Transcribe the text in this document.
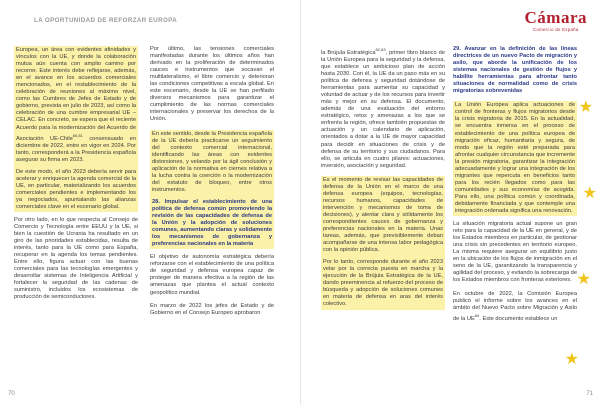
LA OPORTUNIDAD DE REFORZAR EUROPA

Europea, un área con evidentes afinidades y vínculos con la UE, y donde la colaboración mutua aún cuenta con amplio camino por recorrer. Este interés debe reflejarse, además, en el avance en los acuerdos comerciales mencionados, en el restablecimiento de la celebración de reuniones al máximo nivel, como las Cumbres de Jefes de Estado y de gobierno, prevista en julio de 2023, así como la celebración de una cumbre empresarial UE – CELAC. En concreto, se espera que el reciente Acuerdo para la modernización del Acuerdo de Asociación UE-Chile$^{80,81}$ consensuado en diciembre de 2022, entre en vigor en 2024. Por tanto, corresponderá a la Presidencia española asegurar su firma en 2023.

De este modo, el año 2023 debería servir para acelerar y enriquecer la agenda comercial de la UE, en particular, materializando los acuerdos comerciales pendientes e implementando los ya negociados, apuntalando las alianzas comerciales clave en el escenario global.

Por otro lado, en lo que respecta al Consejo de Comercio y Tecnología entre EEUU y la UE, si bien la cuestión de Ucrania ha resultado en un giro de las prioridades establecidas, resulta de interés, tanto para la UE como para España, recuperar en la agenda los temas pendientes. Entre ello, figura actuar con las buenas comerciales para las tecnologías emergentes y desarrollar sistemas de Inteligencia Artificial y fortalecer la seguridad de las cadenas de suministro, incluidos los ecosistemas de producción de semiconductores.

Por último, las tensiones comerciales manifestadas durante los últimos años han derivado en la proliferación de determinados cauces e instrumentos que socavan el multilateralismo, el libre comercio y deterioran las condiciones competitivas a escala global. En este escenario, desde la UE se han perfilado diversos mecanismos para garantizar el cumplimiento de las normas comerciales internacionales y preservar los derechos de la Unión.

En este sentido, desde la Presidencia española de la UE debería practicarse un seguimiento del contexto comercial internacional, identificando las áreas con evidentes distorsiones, y velando por la ágil conclusión y aplicación de la normativa en ciernes relativa a la lucha contra la coerción o la modernización del estatuto de bloqueo, entre otros instrumentos.

28. Impulsar el establecimiento de una política de defensa común promoviendo la revisión de las capacidades de defensa de la Unión y la adopción de soluciones comunes, aumentando claras y solidamente los mecanismos de gobernanza y preferencias nacionales en la materia

El objetivo de autonomía estratégica debería reforzarse con el establecimiento de una política de seguridad y defensa europea capaz de proteger de manera efectiva a la región de las amenazas que plantea el actual contexto geopolítico mundial.

En marzo de 2022 los jefes de Estado y de Gobierno en el Consejo Europeo aprobaron

70
Cámara
Comercio de España

la Brújula Estratégica$^{82,83}$, primer libro blanco de la Unión Europea para la seguridad y la defensa, que establece un ambicioso plan de acción hasta 2030. Con él, la UE da un paso más en su política de defensa y seguridad dotándose de herramientas para aumentar su capacidad y voluntad de actuar y de los recursos para invertir más y mejor en su defensa. El documento, además de una evaluación del entorno estratégico, retos y amenazas a los que se enfrenta la región, ofrece también propuestas de actuación y un calendario de aplicación, orientados a dotar a la UE de mayor capacidad para decidir en situaciones de crisis y de defensa de su territorio y sus ciudadanos. Para ello, se articula en cuatro pilares: actuaciones, inversión, asociación y seguridad.

Es el momento de revisar las capacidades de defensa de la Unión en el marco de una defensa europea (equipos, tecnologías, recursos humanos, capacidades de intervención y mecanismos de toma de decisiones), y alentar clara y sólidamente los correspondientes cauces de gobernanza y preferencias nacionales en la materia. Unas tareas, además, que previsiblemente deban acompañarse de una intensa labor pedagógica con la opinión pública.

Por lo tanto, corresponde durante el año 2023 velar por la correcta puesta en marcha y la ejecución de la Brújula Estratégica de la UE, dando preeminencia al refuerzo del proceso de búsqueda y adopción de soluciones comunes en materia de defensa en aras del interés colectivo.

29. Avanzar en la definición de las líneas directrices de un nuevo Pacto de migración y asilo, que aborde la unificación de los sistemas nacionales de gestión de flujos y habilite herramientas para afrontar tanto situaciones de normalidad como de crisis migratorias sobrevenidas

La Unión Europea aplica actuaciones de control de fronteras y flujos migratorios desde la crisis migratoria de 2015. En la actualidad, se encuentra inmersa en el proceso de establecimiento de una política europea de migración eficaz, humanitaria y segura, de modo que la región esté preparada para afrontar cualquier circunstancia que incremente la presión migratoria, garantizar la integración adecuadamente y lograr una integración de los migrantes que repercuta en beneficios tanto para los recién llegados como para las comunidades y sus economías de acogida. Para ello, una política común y coordinada, debidamente financiada y que contemple una integración ordenada significa una renovación.

La situación migratoria actual supone un gran reto para la capacidad de la UE en general, y de los Estados miembros en particular, de gestionar una crisis sin precedentes en territorio europeo. La misma requiere asegurar un equilibrio justo en la ubicación de los flujos de inmigración en el seno de la UE, garantizando la transparencia y agilidad del proceso, y evitando la sobrecarga de los Estados miembros con fronteras exteriores.

En octubre de 2022, la Comisión Europea publicó el informe sobre los avances en el ámbito del Nuevo Pacto sobre Migración y Asilo de la UE$^{84}$. Este documento establece un

★
★
★
★
71
